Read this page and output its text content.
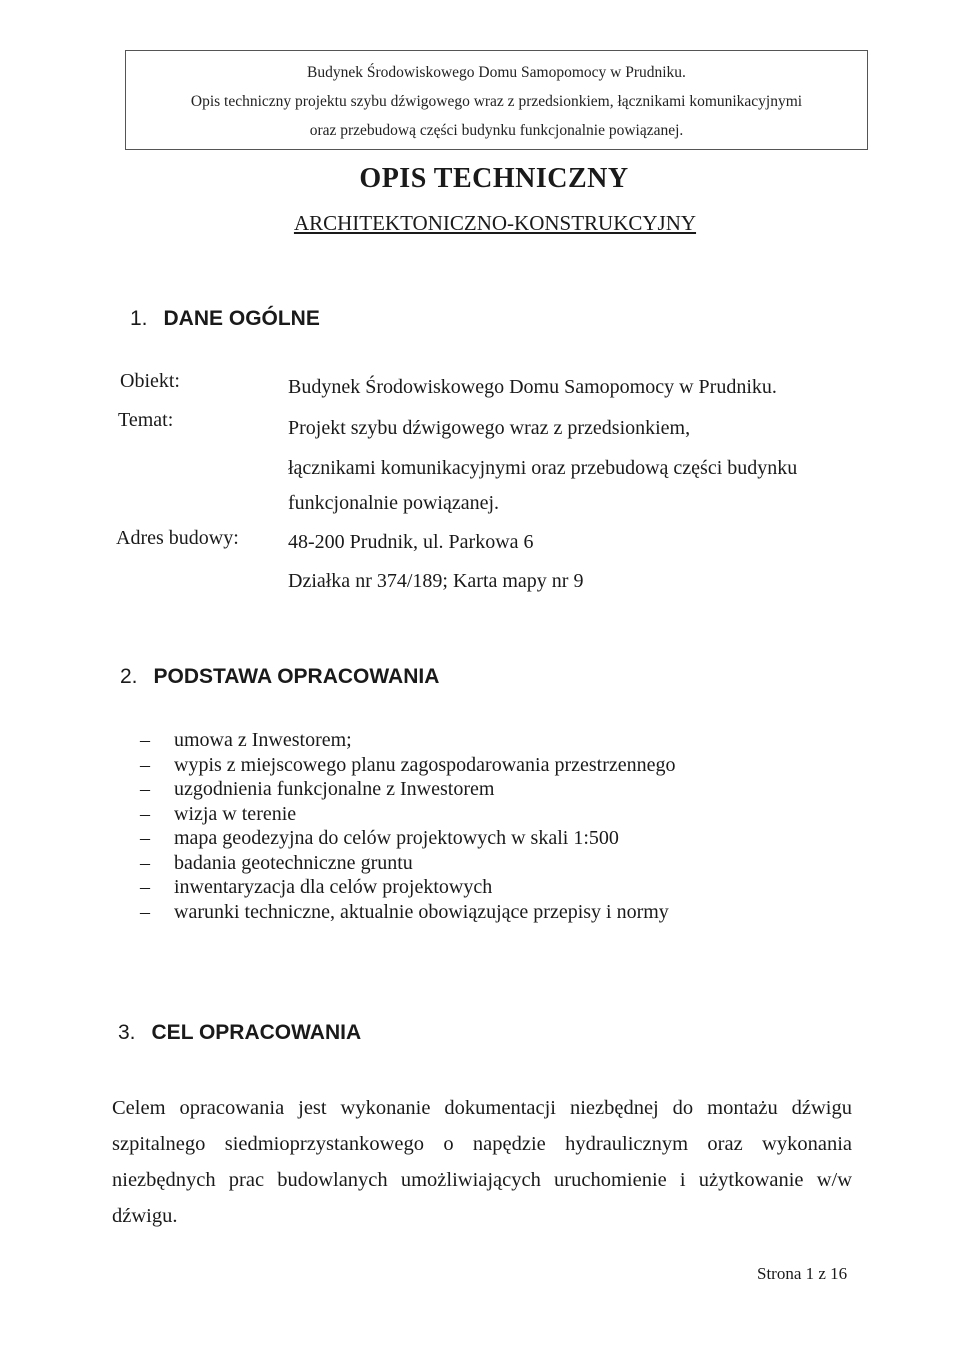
Budynek Środowiskowego Domu Samopomocy w Prudniku.
Opis techniczny projektu szybu dźwigowego wraz z przedsionkiem, łącznikami komunikacyjnymi
oraz przebudową części budynku funkcjonalnie powiązanej.
OPIS TECHNICZNY
ARCHITEKTONICZNO-KONSTRUKCYJNY
1. DANE OGÓLNE
Obiekt:	Budynek Środowiskowego Domu Samopomocy w Prudniku.
Temat:	Projekt szybu dźwigowego wraz z przedsionkiem,
łącznikami komunikacyjnymi oraz przebudową części budynku
funkcjonalnie powiązanej.
Adres budowy: 48-200 Prudnik, ul. Parkowa 6
Działka nr 374/189; Karta mapy nr 9
2. PODSTAWA OPRACOWANIA
– umowa z Inwestorem;
– wypis z miejscowego planu zagospodarowania przestrzennego
– uzgodnienia funkcjonalne z Inwestorem
– wizja w terenie
– mapa geodezyjna do celów projektowych w skali 1:500
– badania geotechniczne gruntu
– inwentaryzacja dla celów projektowych
– warunki techniczne, aktualnie obowiązujące przepisy i normy
3. CEL OPRACOWANIA

Celem opracowania jest wykonanie dokumentacji niezbędnej do montażu dźwigu szpitalnego siedmioprzystankowego o napędzie hydraulicznym oraz wykonania niezbędnych prac budowlanych umożliwiających uruchomienie i użytkowanie w/w dźwigu.

Strona 1 z 16
